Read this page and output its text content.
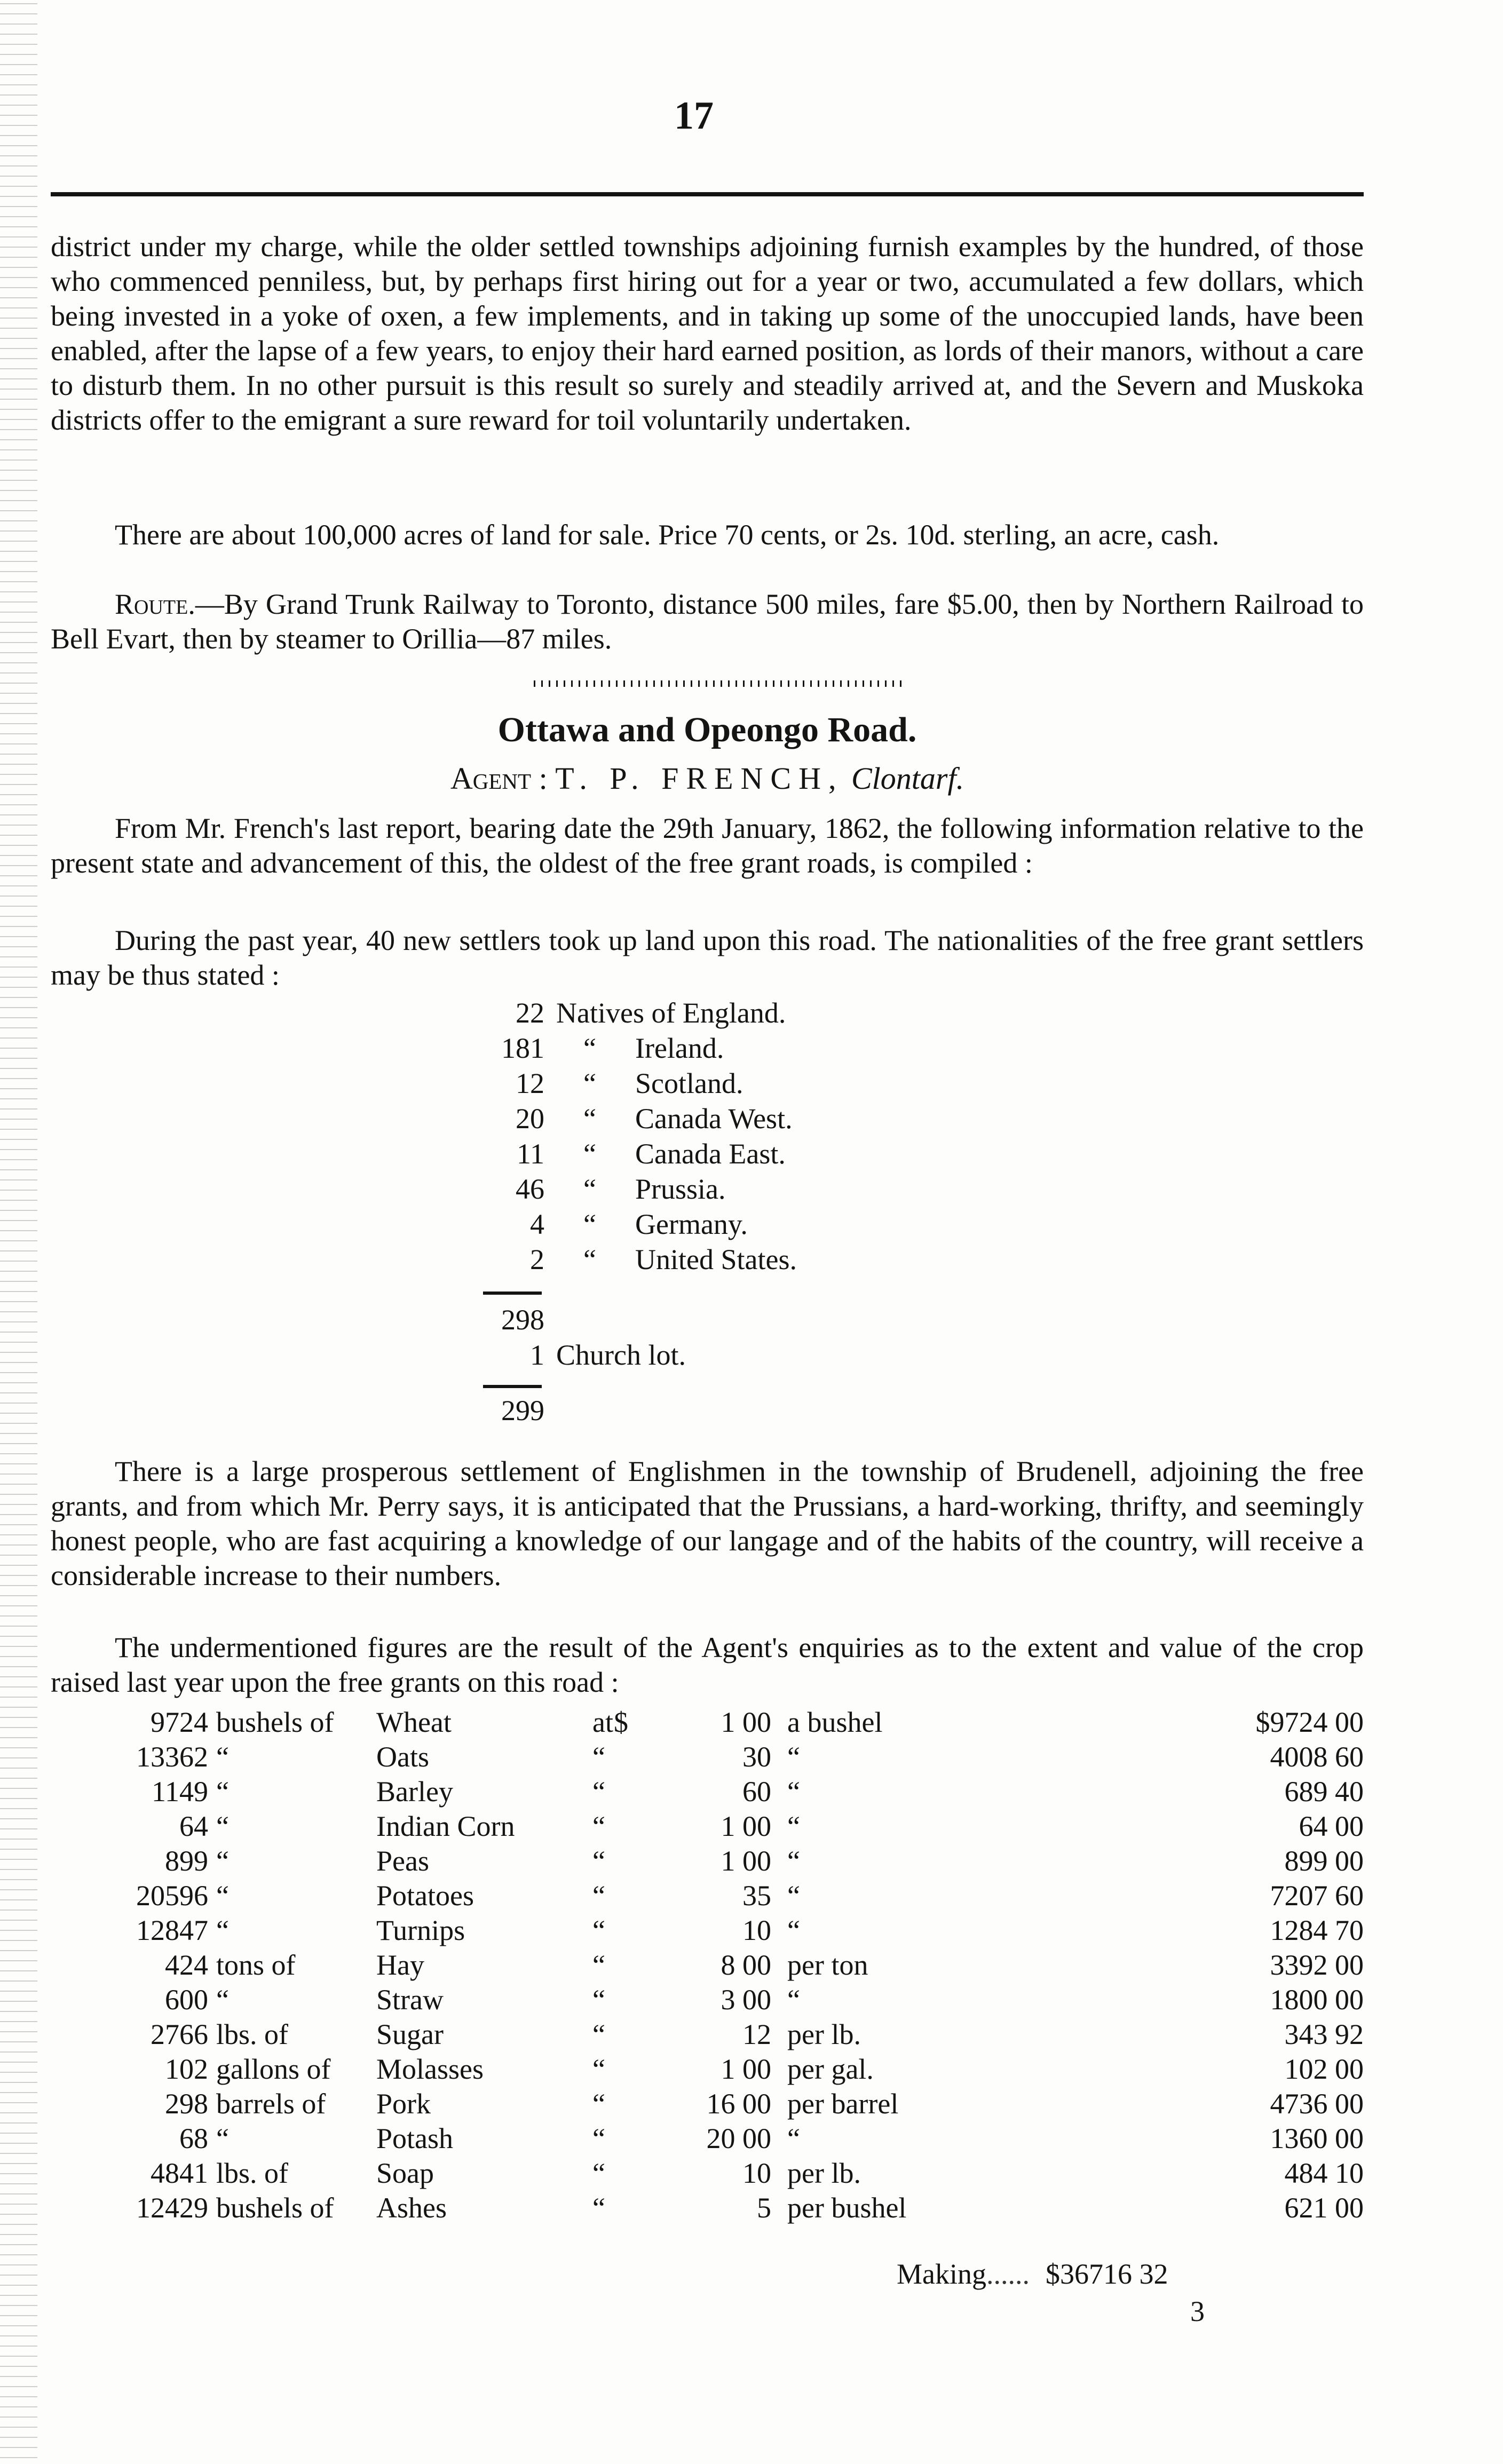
17

district under my charge, while the older settled townships adjoining furnish examples by the hundred, of those who commenced penniless, but, by perhaps first hiring out for a year or two, accumulated a few dollars, which being invested in a yoke of oxen, a few implements, and in taking up some of the unoccupied lands, have been enabled, after the lapse of a few years, to enjoy their hard earned position, as lords of their manors, without a care to disturb them. In no other pursuit is this result so surely and steadily arrived at, and the Severn and Muskoka districts offer to the emigrant a sure reward for toil voluntarily undertaken.

There are about 100,000 acres of land for sale. Price 70 cents, or 2s. 10d. sterling, an acre, cash.

Route.—By Grand Trunk Railway to Toronto, distance 500 miles, fare $5.00, then by Northern Railroad to Bell Evart, then by steamer to Orillia—87 miles.

Ottawa and Opeongo Road.
Agent : T. P. FRENCH, Clontarf.

From Mr. French's last report, bearing date the 29th January, 1862, the following information relative to the present state and advancement of this, the oldest of the free grant roads, is compiled :

During the past year, 40 new settlers took up land upon this road. The nationalities of the free grant settlers may be thus stated :

22 Natives of England.
181 “ Ireland.
12 “ Scotland.
20 “ Canada West.
11 “ Canada East.
46 “ Prussia.
4 “ Germany.
2 “ United States.
298
1 Church lot.
299

There is a large prosperous settlement of Englishmen in the township of Brudenell, adjoining the free grants, and from which Mr. Perry says, it is anticipated that the Prussians, a hard-working, thrifty, and seemingly honest people, who are fast acquiring a knowledge of our langage and of the habits of the country, will receive a considerable increase to their numbers.

The undermentioned figures are the result of the Agent's enquiries as to the extent and value of the crop raised last year upon the free grants on this road :

9724 bushels of Wheat	at $	1 00 a bushel	$9724 00
13362 “	Oats	“	30 “	4008 60
1149 “	Barley	“	60 “	689 40
64 “	Indian Corn	“	1 00 “	64 00
899 “	Peas	“	1 00 “	899 00
20596 “	Potatoes	“	35 “	7207 60
12847 “	Turnips	“	10 “	1284 70
424 tons of	Hay	“	8 00 per ton	3392 00
600 “	Straw	“	3 00 “	1800 00
2766 lbs. of	Sugar	“	12 per lb.	343 92
102 gallons of Molasses	“	1 00 per gal.	102 00
298 barrels of Pork	“	16 00 per barrel	4736 00
68 “	Potash	“	20 00 “	1360 00
4841 lbs. of	Soap	“	10 per lb.	484 10
12429 bushels of Ashes	“	5 per bushel	621 00
Making...... $36716 32
3
